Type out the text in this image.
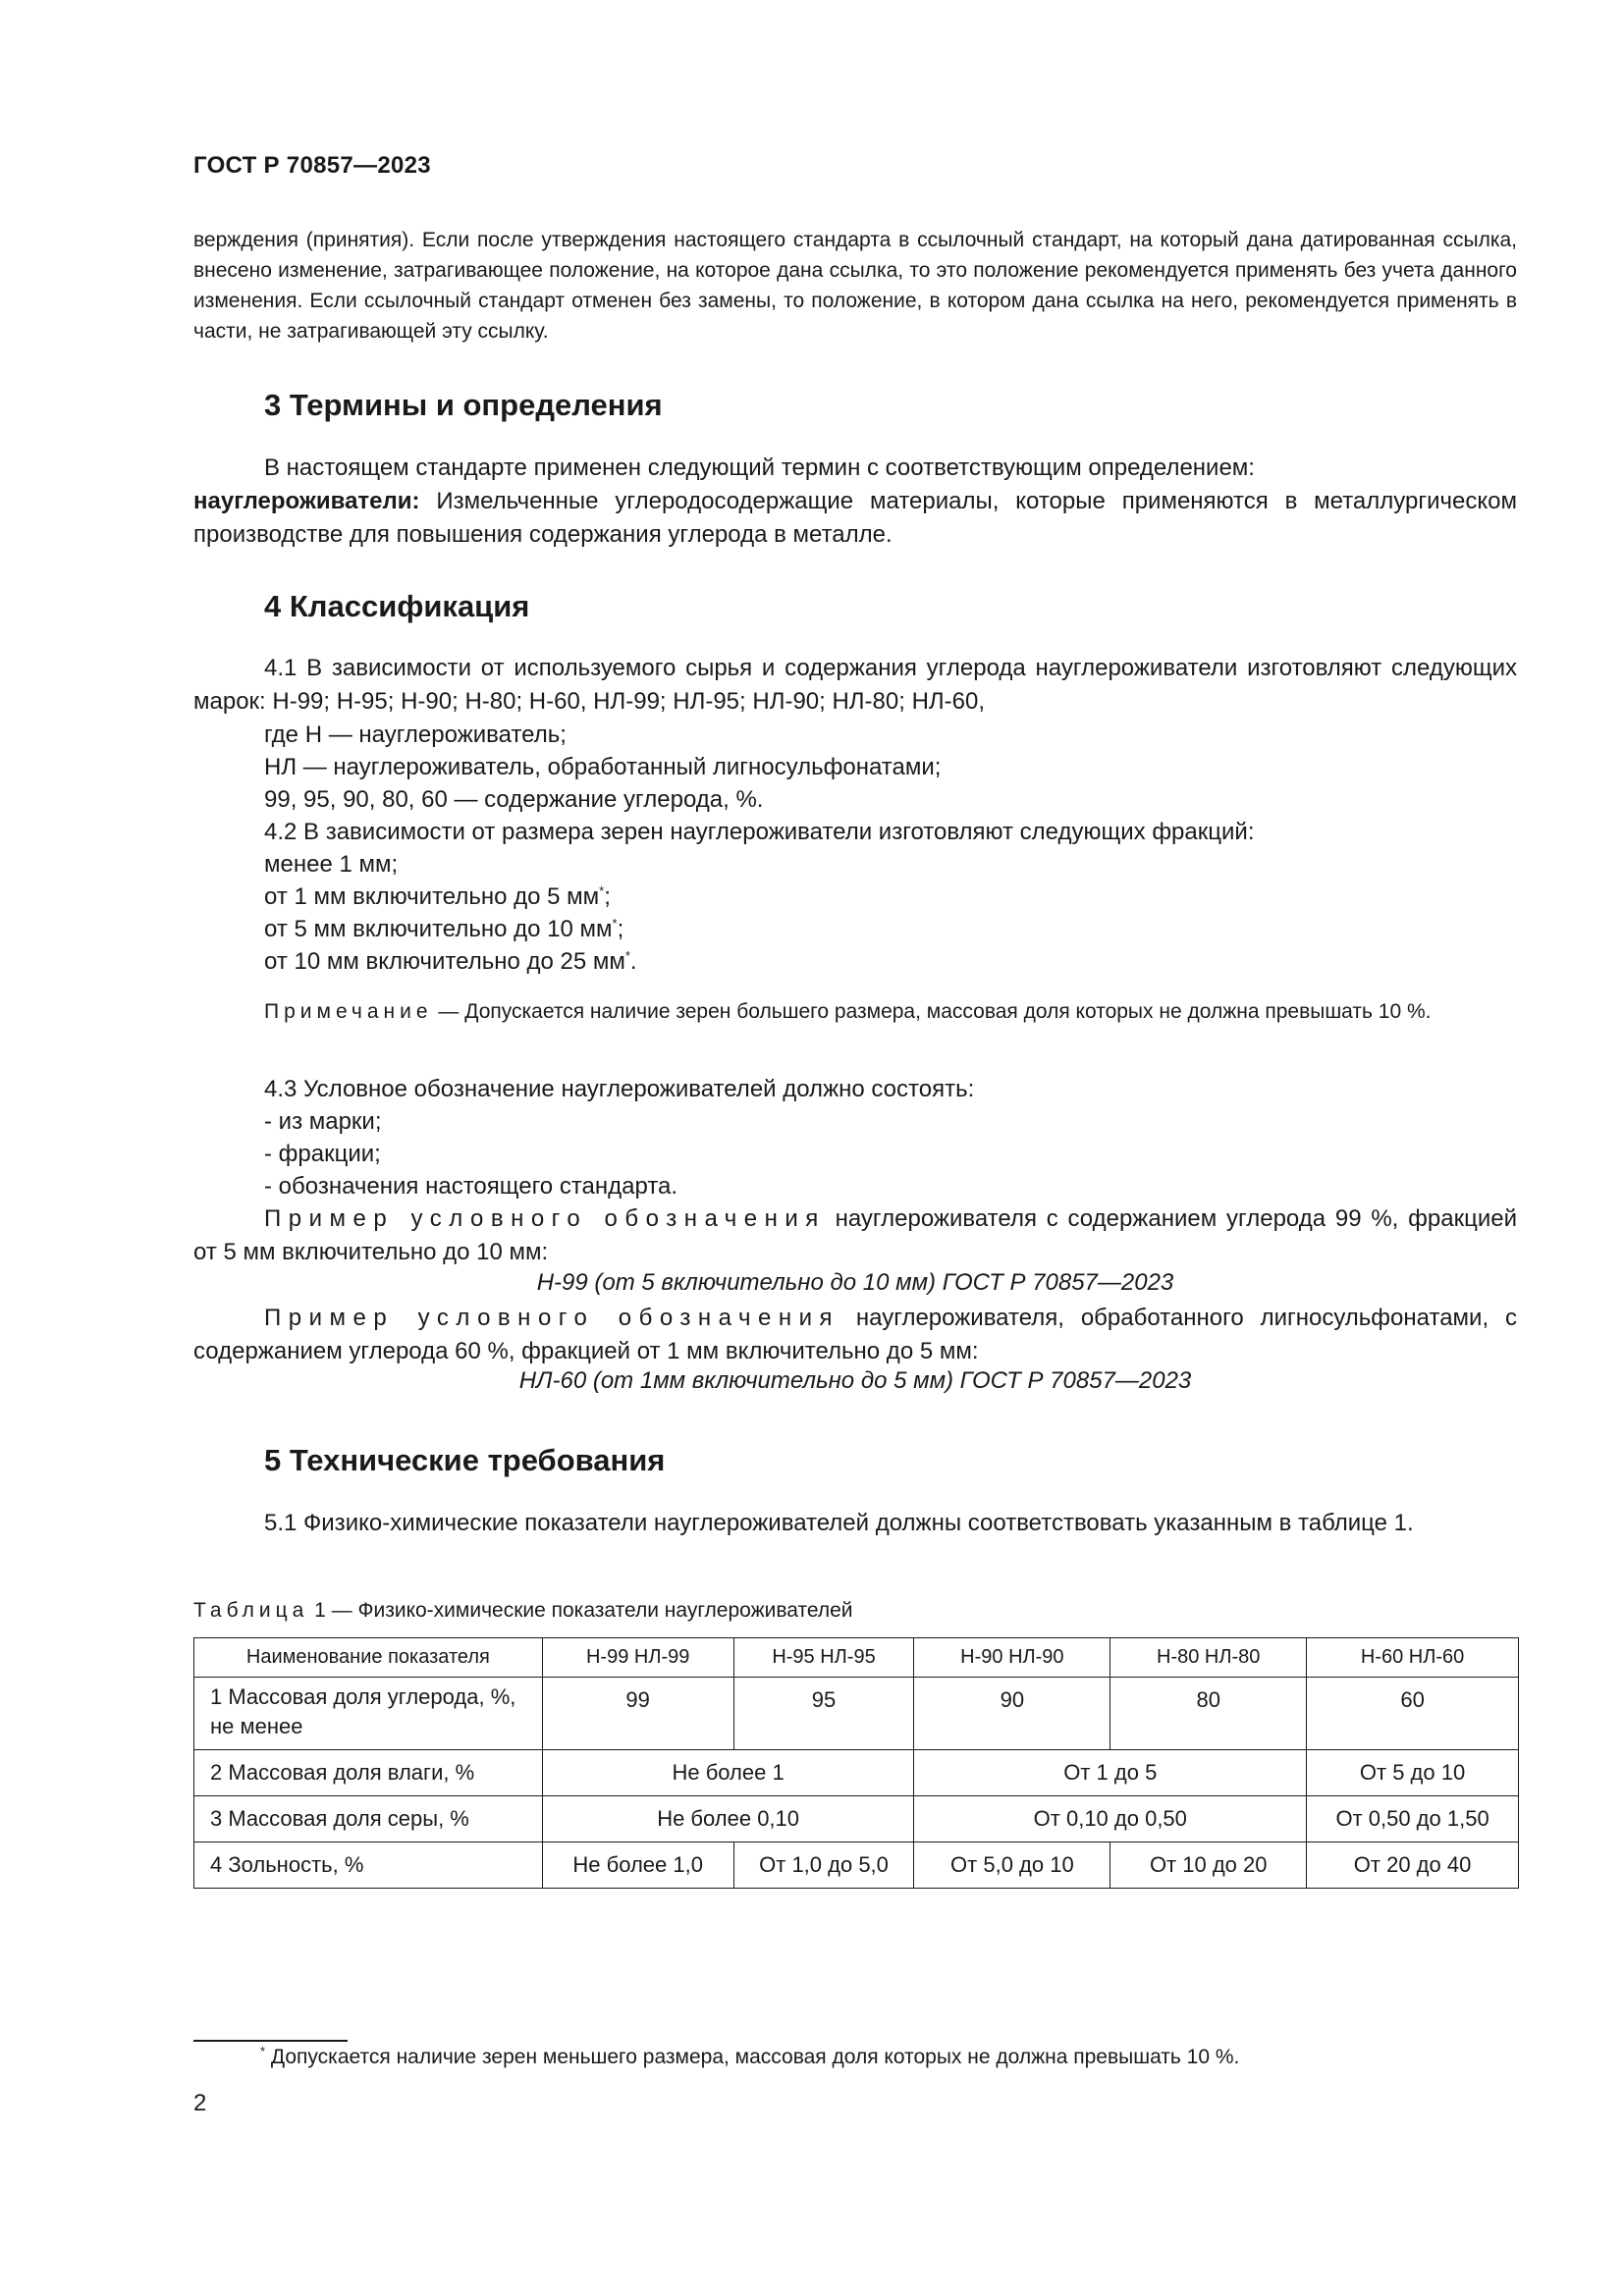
ГОСТ Р 70857—2023
верждения (принятия). Если после утверждения настоящего стандарта в ссылочный стандарт, на который дана датированная ссылка, внесено изменение, затрагивающее положение, на которое дана ссылка, то это положение рекомендуется применять без учета данного изменения. Если ссылочный стандарт отменен без замены, то положение, в котором дана ссылка на него, рекомендуется применять в части, не затрагивающей эту ссылку.
3 Термины и определения
В настоящем стандарте применен следующий термин с соответствующим определением:
науглероживатели: Измельченные углеродосодержащие материалы, которые применяются в металлургическом производстве для повышения содержания углерода в металле.
4 Классификация
4.1 В зависимости от используемого сырья и содержания углерода науглероживатели изготовляют следующих марок: Н-99; Н-95; Н-90; Н-80; Н-60, НЛ-99; НЛ-95; НЛ-90; НЛ-80; НЛ-60,
где Н — науглероживатель;
НЛ — науглероживатель, обработанный лигносульфонатами;
99, 95, 90, 80, 60 — содержание углерода, %.
4.2 В зависимости от размера зерен науглероживатели изготовляют следующих фракций:
менее 1 мм;
от 1 мм включительно до 5 мм*;
от 5 мм включительно до 10 мм*;
от 10 мм включительно до 25 мм*.
Примечание — Допускается наличие зерен большего размера, массовая доля которых не должна превышать 10 %.
4.3 Условное обозначение науглероживателей должно состоять:
- из марки;
- фракции;
- обозначения настоящего стандарта.
Пример условного обозначения науглероживателя с содержанием углерода 99 %, фракцией от 5 мм включительно до 10 мм:
Н-99 (от 5 включительно до 10 мм) ГОСТ Р 70857—2023
Пример условного обозначения науглероживателя, обработанного лигносульфонатами, с содержанием углерода 60 %, фракцией от 1 мм включительно до 5 мм:
НЛ-60 (от 1мм включительно до 5 мм) ГОСТ Р 70857—2023
5 Технические требования
5.1 Физико-химические показатели науглероживателей должны соответствовать указанным в таблице 1.
Таблица 1 — Физико-химические показатели науглероживателей
Наименование показателя	Н-99 НЛ-99	Н-95 НЛ-95	Н-90 НЛ-90	Н-80 НЛ-80	Н-60 НЛ-60
1 Массовая доля углерода, %, не менее	99	95	90	80	60
2 Массовая доля влаги, %	Не более 1		От 1 до 5		От 5 до 10
3 Массовая доля серы, %	Не более 0,10		От 0,10 до 0,50		От 0,50 до 1,50
4 Зольность, %	Не более 1,0	От 1,0 до 5,0	От 5,0 до 10	От 10 до 20	От 20 до 40
* Допускается наличие зерен меньшего размера, массовая доля которых не должна превышать 10 %.
2
